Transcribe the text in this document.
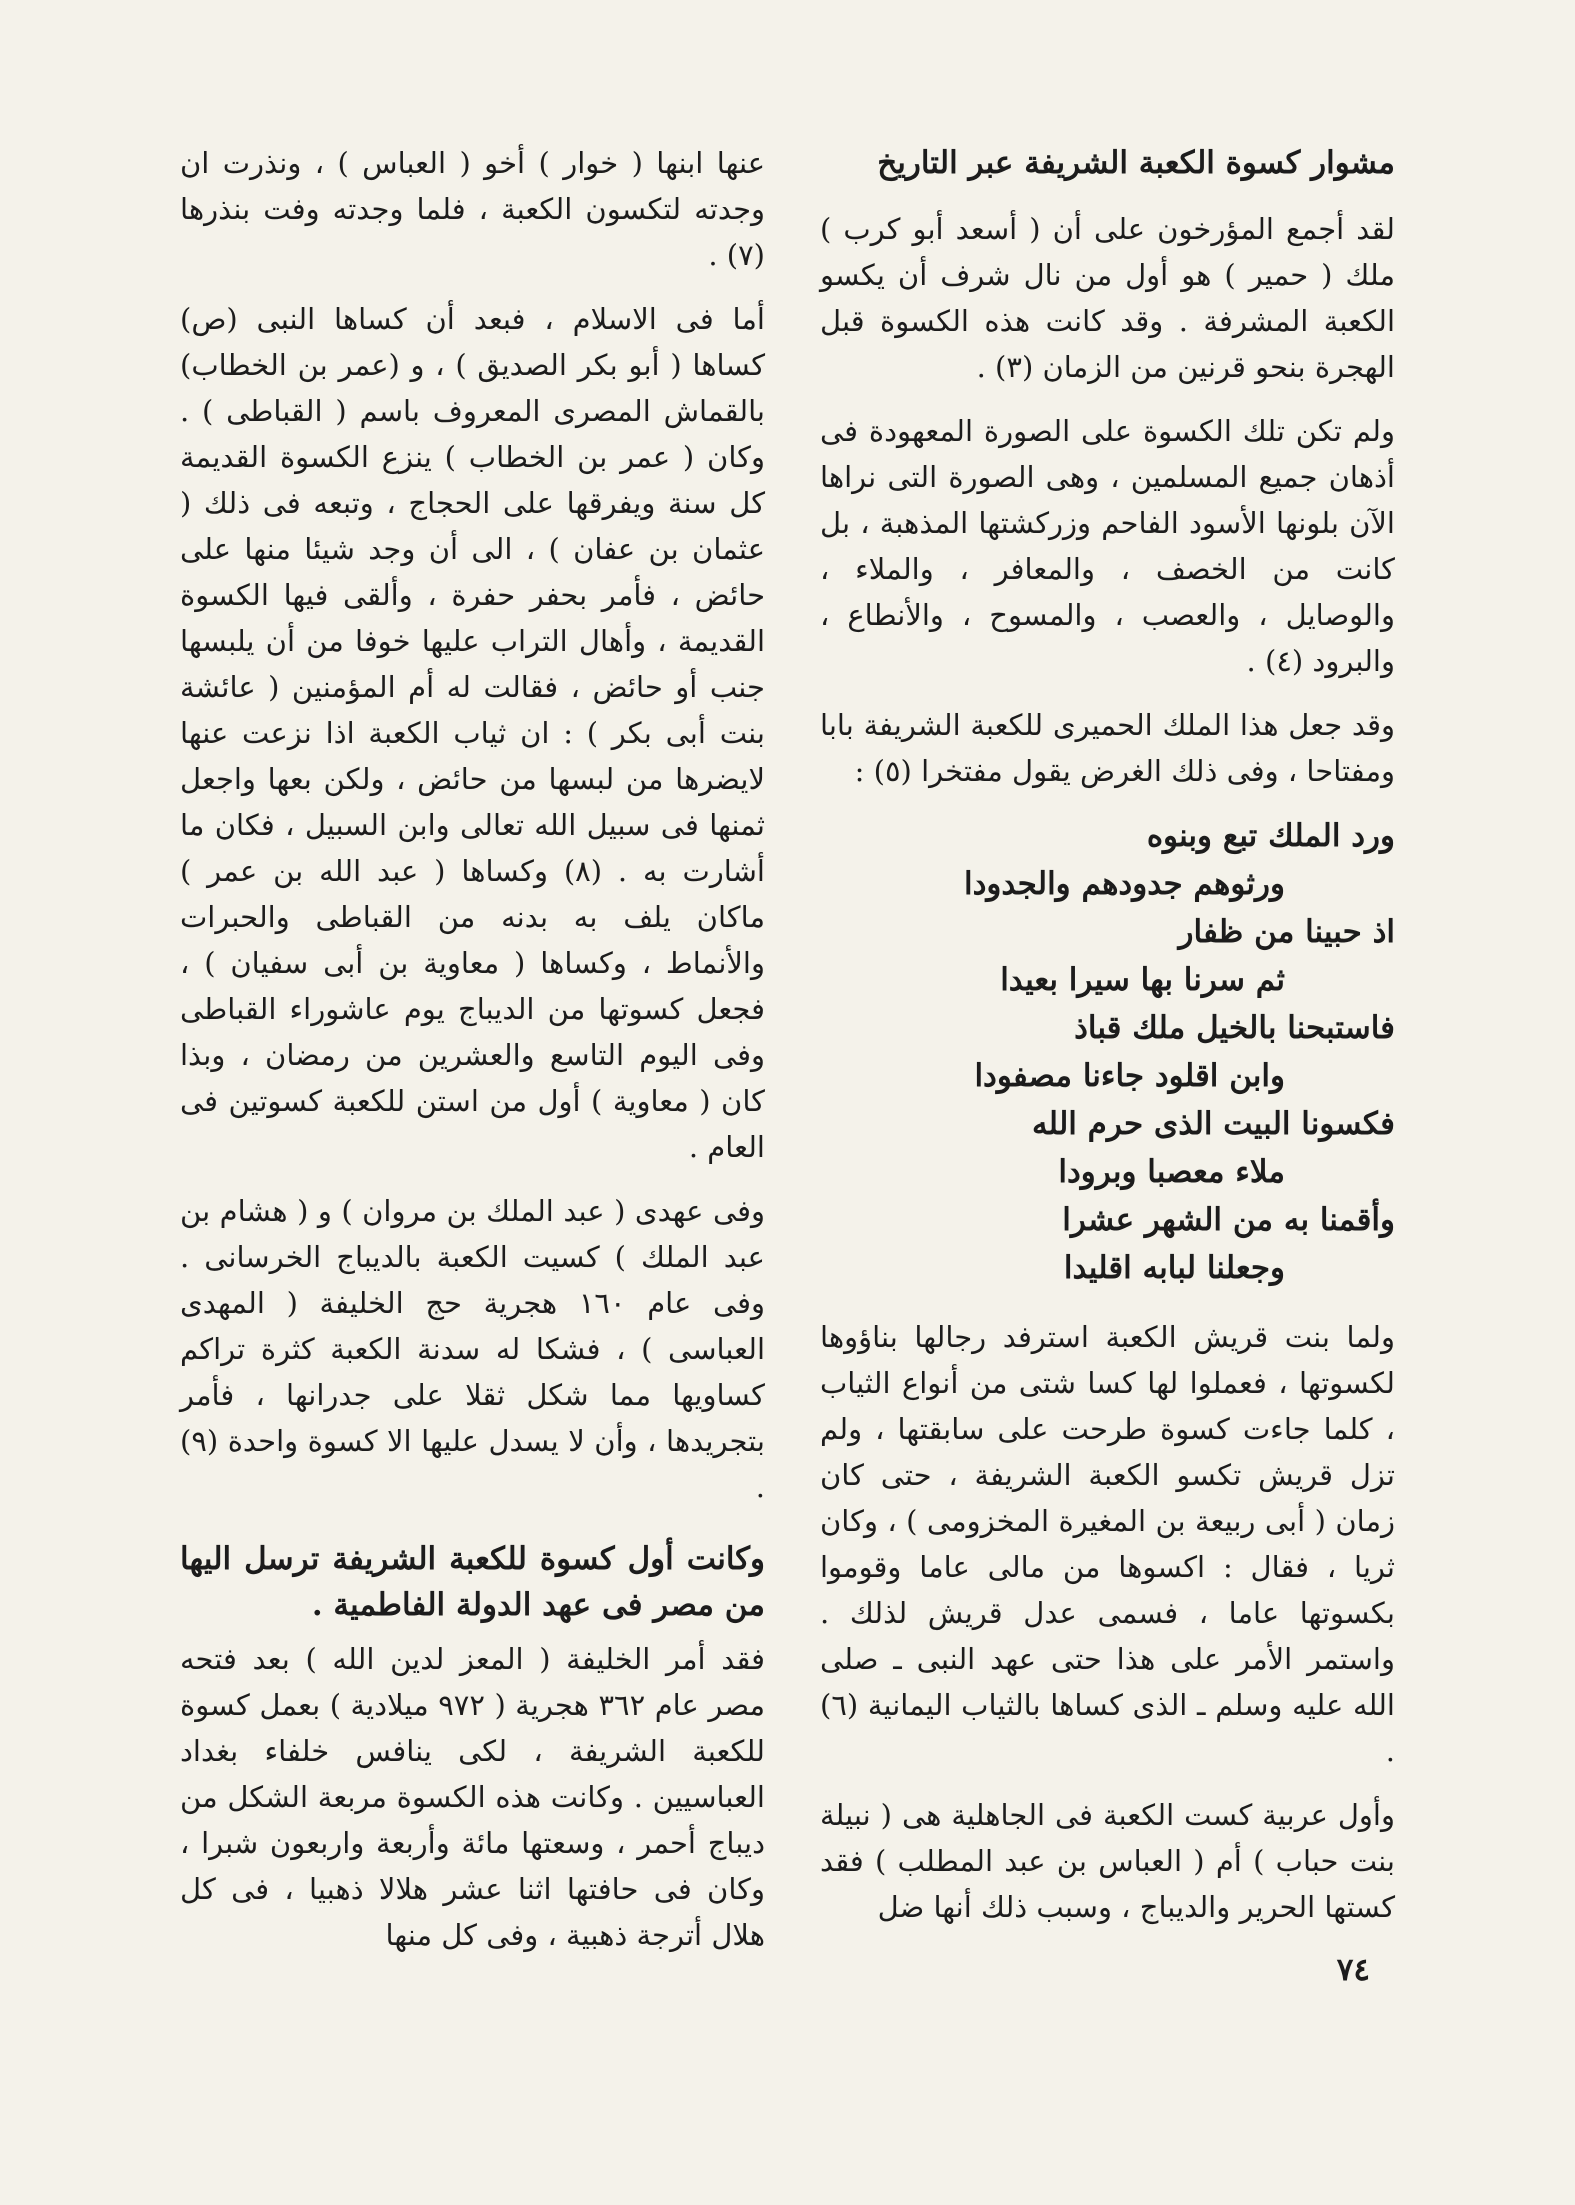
مشوار كسوة الكعبة الشريفة عبر التاريخ

لقد أجمع المؤرخون على أن ( أسعد أبو كرب ) ملك ( حمير ) هو أول من نال شرف أن يكسو الكعبة المشرفة . وقد كانت هذه الكسوة قبل الهجرة بنحو قرنين من الزمان (٣) .

ولم تكن تلك الكسوة على الصورة المعهودة فى أذهان جميع المسلمين ، وهى الصورة التى نراها الآن بلونها الأسود الفاحم وزركشتها المذهبة ، بل كانت من الخصف ، والمعافر ، والملاء ، والوصايل ، والعصب ، والمسوح ، والأنطاع ، والبرود (٤) .

وقد جعل هذا الملك الحميرى للكعبة الشريفة بابا ومفتاحا ، وفى ذلك الغرض يقول مفتخرا (٥) :

ورد الملك تبع وبنوه
ورثوهم جدودهم والجدودا
اذ حبينا من ظفار
ثم سرنا بها سيرا بعيدا
فاستبحنا بالخيل ملك قباذ
وابن اقلود جاءنا مصفودا
فكسونا البيت الذى حرم الله
ملاء معصبا وبرودا
وأقمنا به من الشهر عشرا
وجعلنا لبابه اقليدا

ولما بنت قريش الكعبة استرفد رجالها بناؤوها لكسوتها ، فعملوا لها كسا شتى من أنواع الثياب ، كلما جاءت كسوة طرحت على سابقتها ، ولم تزل قريش تكسو الكعبة الشريفة ، حتى كان زمان ( أبى ربيعة بن المغيرة المخزومى ) ، وكان ثريا ، فقال : اكسوها من مالى عاما وقوموا بكسوتها عاما ، فسمى عدل قريش لذلك . واستمر الأمر على هذا حتى عهد النبى ـ صلى الله عليه وسلم ـ الذى كساها بالثياب اليمانية (٦) .

وأول عربية كست الكعبة فى الجاهلية هى ( نبيلة بنت حباب ) أم ( العباس بن عبد المطلب ) فقد كستها الحرير والديباج ، وسبب ذلك أنها ضل

عنها ابنها ( خوار ) أخو ( العباس ) ، ونذرت ان وجدته لتكسون الكعبة ، فلما وجدته وفت بنذرها (٧) .

أما فى الاسلام ، فبعد أن كساها النبى (ص) كساها ( أبو بكر الصديق ) ، و (عمر بن الخطاب) بالقماش المصرى المعروف باسم ( القباطى ) . وكان ( عمر بن الخطاب ) ينزع الكسوة القديمة كل سنة ويفرقها على الحجاج ، وتبعه فى ذلك ( عثمان بن عفان ) ، الى أن وجد شيئا منها على حائض ، فأمر بحفر حفرة ، وألقى فيها الكسوة القديمة ، وأهال التراب عليها خوفا من أن يلبسها جنب أو حائض ، فقالت له أم المؤمنين ( عائشة بنت أبى بكر ) : ان ثياب الكعبة اذا نزعت عنها لايضرها من لبسها من حائض ، ولكن بعها واجعل ثمنها فى سبيل الله تعالى وابن السبيل ، فكان ما أشارت به . (٨) وكساها ( عبد الله بن عمر ) ماكان يلف به بدنه من القباطى والحبرات والأنماط ، وكساها ( معاوية بن أبى سفيان ) ، فجعل كسوتها من الديباج يوم عاشوراء القباطى وفى اليوم التاسع والعشرين من رمضان ، وبذا كان ( معاوية ) أول من استن للكعبة كسوتين فى العام .

وفى عهدى ( عبد الملك بن مروان ) و ( هشام بن عبد الملك ) كسيت الكعبة بالديباج الخرسانى . وفى عام ١٦٠ هجرية حج الخليفة ( المهدى العباسى ) ، فشكا له سدنة الكعبة كثرة تراكم كساويها مما شكل ثقلا على جدرانها ، فأمر بتجريدها ، وأن لا يسدل عليها الا كسوة واحدة (٩) .

وكانت أول كسوة للكعبة الشريفة ترسل اليها من مصر فى عهد الدولة الفاطمية .

فقد أمر الخليفة ( المعز لدين الله ) بعد فتحه مصر عام ٣٦٢ هجرية ( ٩٧٢ ميلادية ) بعمل كسوة للكعبة الشريفة ، لكى ينافس خلفاء بغداد العباسيين . وكانت هذه الكسوة مربعة الشكل من ديباج أحمر ، وسعتها مائة وأربعة واربعون شبرا ، وكان فى حافتها اثنا عشر هلالا ذهبيا ، فى كل هلال أترجة ذهبية ، وفى كل منها

٧٤
